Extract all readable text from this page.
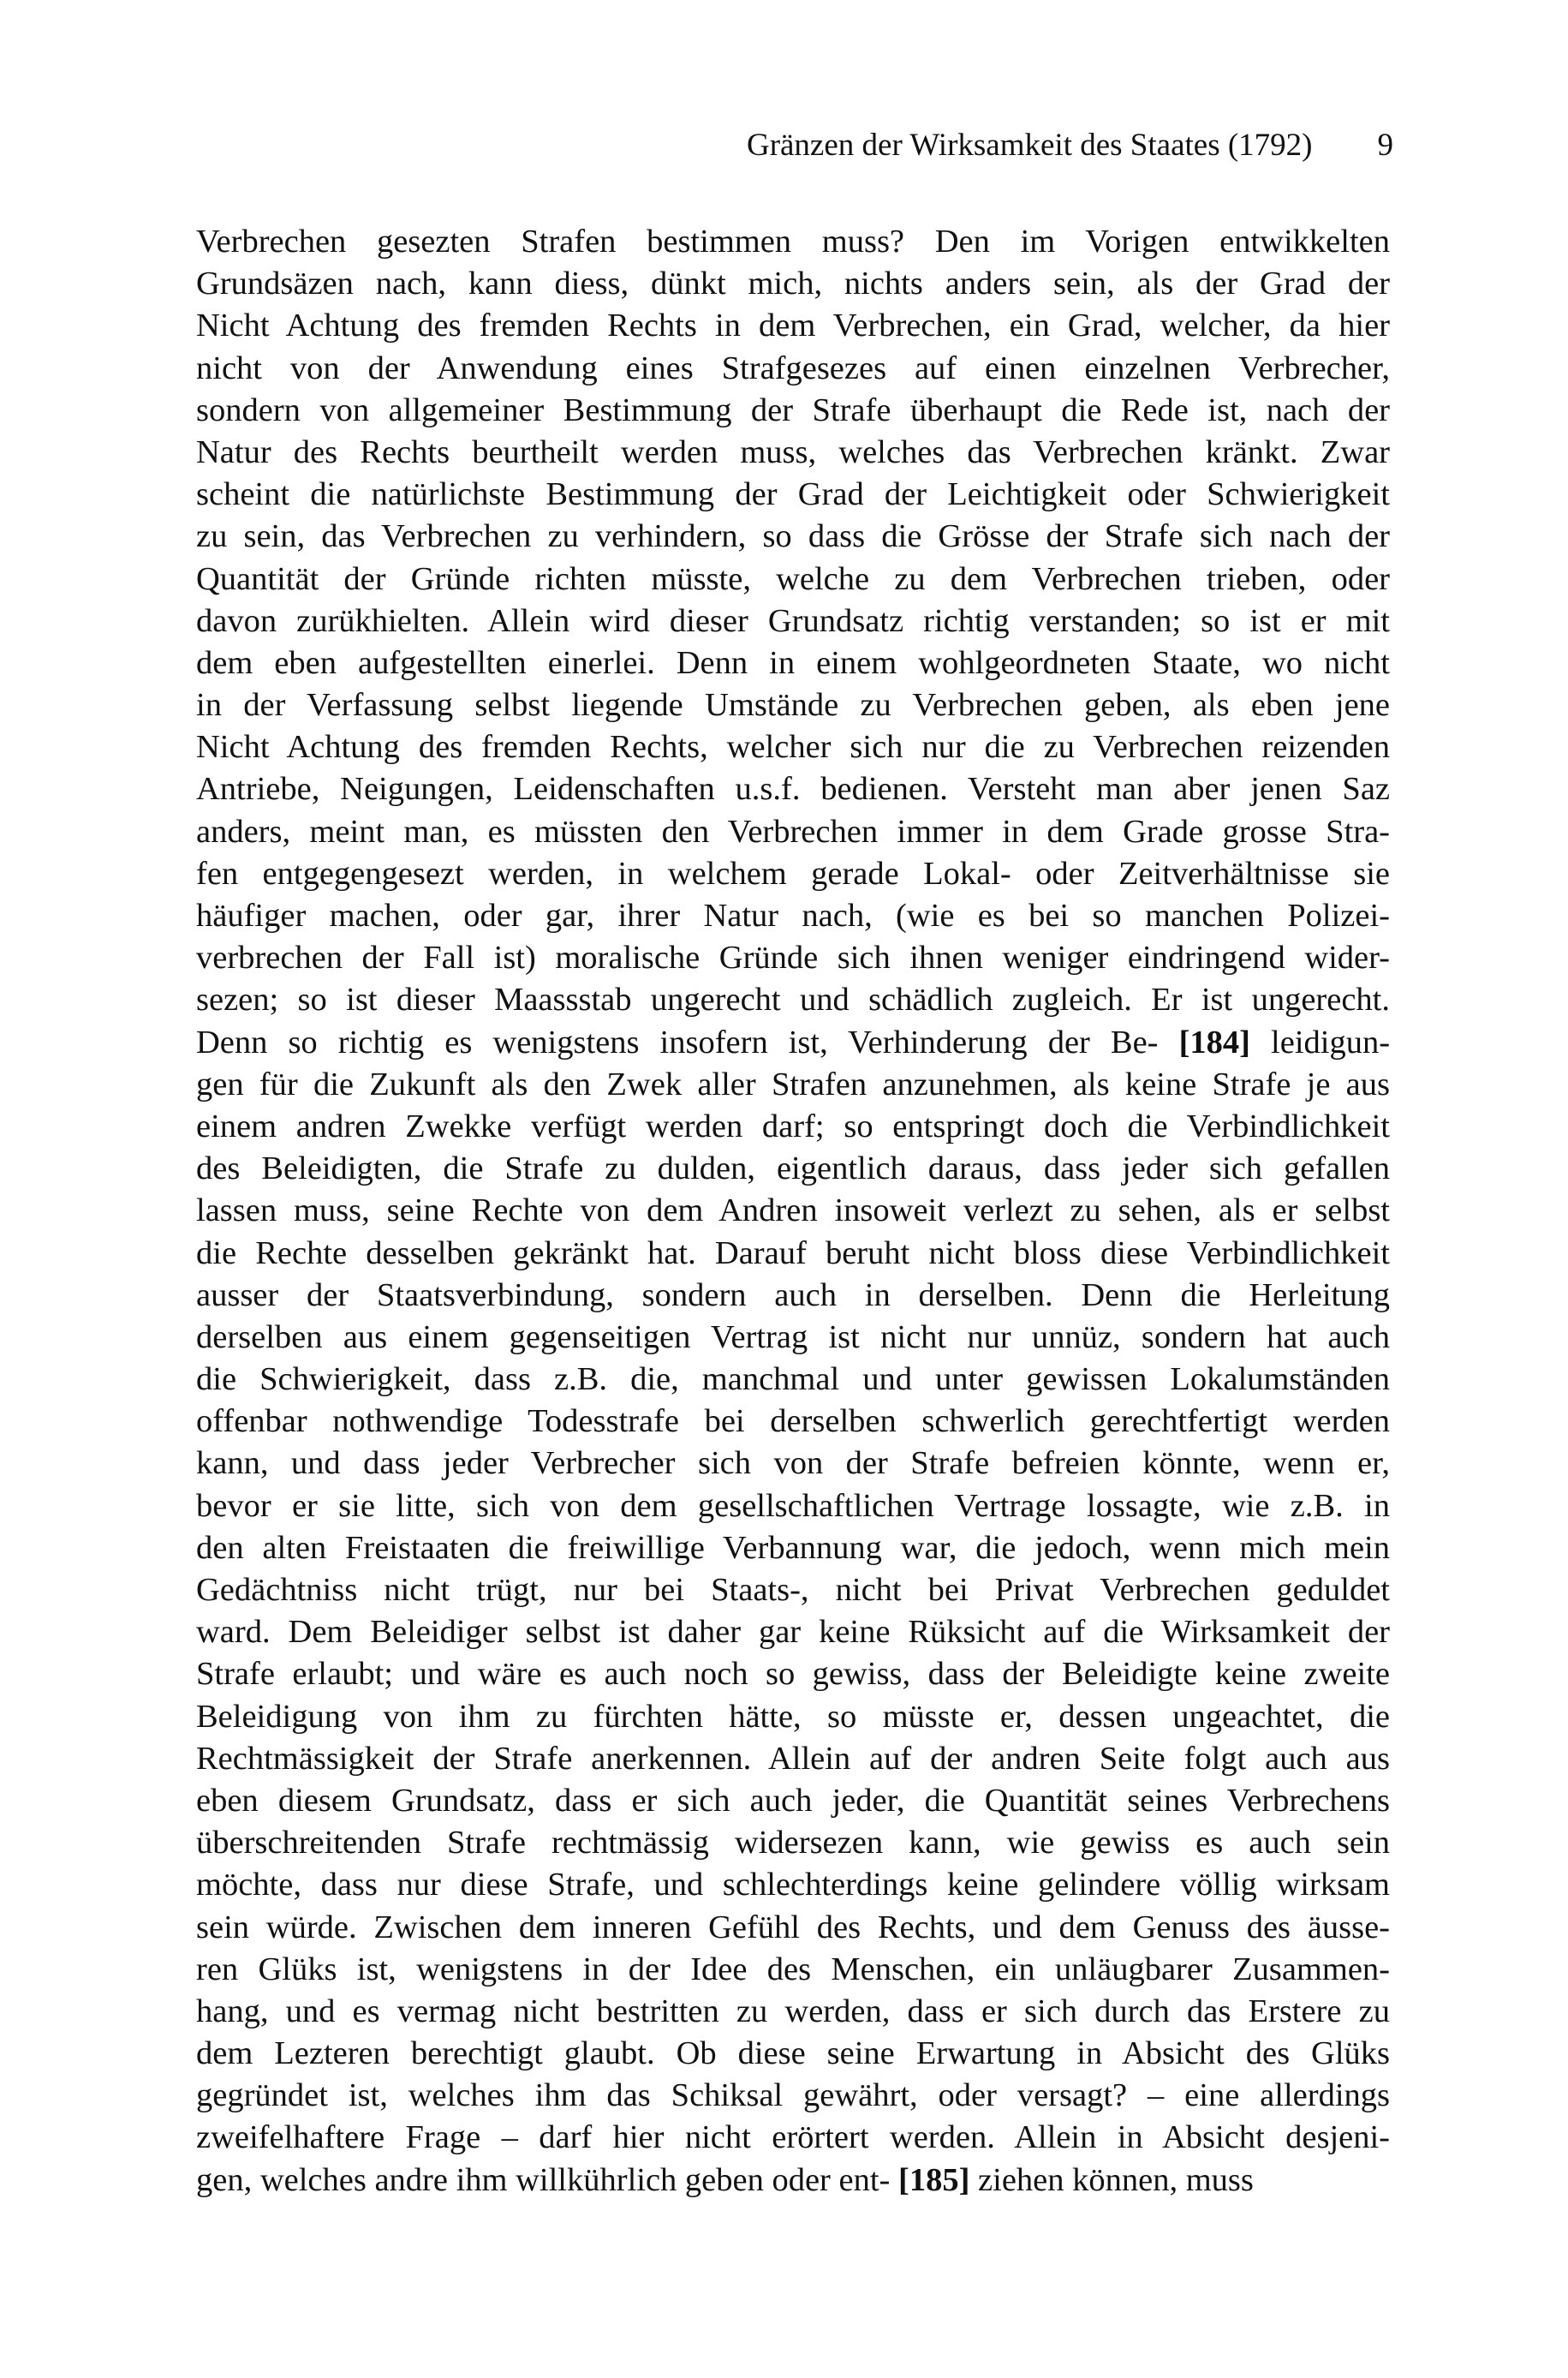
Gränzen der Wirksamkeit des Staates (1792) 9
Verbrechen gesezten Strafen bestimmen muss? Den im Vorigen entwikkelten
Grundsäzen nach, kann diess, dünkt mich, nichts anders sein, als der Grad der
Nicht Achtung des fremden Rechts in dem Verbrechen, ein Grad, welcher, da hier
nicht von der Anwendung eines Strafgesezes auf einen einzelnen Verbrecher,
sondern von allgemeiner Bestimmung der Strafe überhaupt die Rede ist, nach der
Natur des Rechts beurtheilt werden muss, welches das Verbrechen kränkt. Zwar
scheint die natürlichste Bestimmung der Grad der Leichtigkeit oder Schwierigkeit
zu sein, das Verbrechen zu verhindern, so dass die Grösse der Strafe sich nach der
Quantität der Gründe richten müsste, welche zu dem Verbrechen trieben, oder
davon zurükhielten. Allein wird dieser Grundsatz richtig verstanden; so ist er mit
dem eben aufgestellten einerlei. Denn in einem wohlgeordneten Staate, wo nicht
in der Verfassung selbst liegende Umstände zu Verbrechen geben, als eben jene
Nicht Achtung des fremden Rechts, welcher sich nur die zu Verbrechen reizenden
Antriebe, Neigungen, Leidenschaften u.s.f. bedienen. Versteht man aber jenen Saz
anders, meint man, es müssten den Verbrechen immer in dem Grade grosse Stra-
fen entgegengesezt werden, in welchem gerade Lokal- oder Zeitverhältnisse sie
häufiger machen, oder gar, ihrer Natur nach, (wie es bei so manchen Polizei-
verbrechen der Fall ist) moralische Gründe sich ihnen weniger eindringend wider-
sezen; so ist dieser Maassstab ungerecht und schädlich zugleich. Er ist ungerecht.
Denn so richtig es wenigstens insofern ist, Verhinderung der Be- [184] leidigun-
gen für die Zukunft als den Zwek aller Strafen anzunehmen, als keine Strafe je aus
einem andren Zwekke verfügt werden darf; so entspringt doch die Verbindlichkeit
des Beleidigten, die Strafe zu dulden, eigentlich daraus, dass jeder sich gefallen
lassen muss, seine Rechte von dem Andren insoweit verlezt zu sehen, als er selbst
die Rechte desselben gekränkt hat. Darauf beruht nicht bloss diese Verbindlichkeit
ausser der Staatsverbindung, sondern auch in derselben. Denn die Herleitung
derselben aus einem gegenseitigen Vertrag ist nicht nur unnüz, sondern hat auch
die Schwierigkeit, dass z.B. die, manchmal und unter gewissen Lokalumständen
offenbar nothwendige Todesstrafe bei derselben schwerlich gerechtfertigt werden
kann, und dass jeder Verbrecher sich von der Strafe befreien könnte, wenn er,
bevor er sie litte, sich von dem gesellschaftlichen Vertrage lossagte, wie z.B. in
den alten Freistaaten die freiwillige Verbannung war, die jedoch, wenn mich mein
Gedächtniss nicht trügt, nur bei Staats-, nicht bei Privat Verbrechen geduldet
ward. Dem Beleidiger selbst ist daher gar keine Rüksicht auf die Wirksamkeit der
Strafe erlaubt; und wäre es auch noch so gewiss, dass der Beleidigte keine zweite
Beleidigung von ihm zu fürchten hätte, so müsste er, dessen ungeachtet, die
Rechtmässigkeit der Strafe anerkennen. Allein auf der andren Seite folgt auch aus
eben diesem Grundsatz, dass er sich auch jeder, die Quantität seines Verbrechens
überschreitenden Strafe rechtmässig widersezen kann, wie gewiss es auch sein
möchte, dass nur diese Strafe, und schlechterdings keine gelindere völlig wirksam
sein würde. Zwischen dem inneren Gefühl des Rechts, und dem Genuss des äusse-
ren Glüks ist, wenigstens in der Idee des Menschen, ein unläugbarer Zusammen-
hang, und es vermag nicht bestritten zu werden, dass er sich durch das Erstere zu
dem Lezteren berechtigt glaubt. Ob diese seine Erwartung in Absicht des Glüks
gegründet ist, welches ihm das Schiksal gewährt, oder versagt? – eine allerdings
zweifelhaftere Frage – darf hier nicht erörtert werden. Allein in Absicht desjeni-
gen, welches andre ihm willkührlich geben oder ent- [185] ziehen können, muss
